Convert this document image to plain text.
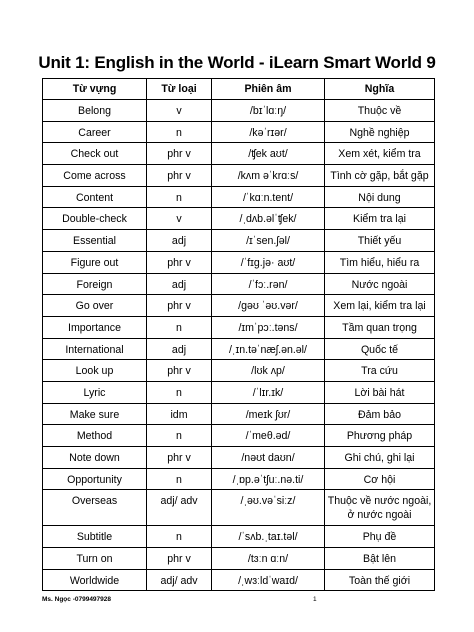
Unit 1: English in the World - iLearn Smart World 9
Từ vựng	Từ loại	Phiên âm	Nghĩa
Belong	v	/bɪˈlɑːŋ/	Thuộc về
Career	n	/kəˈrɪər/	Nghề nghiệp
Check out	phr v	/ʧek aʊt/	Xem xét, kiểm tra
Come across	phr v	/kʌm əˈkrɑːs/	Tình cờ gặp, bắt gặp
Content	n	/ˈkɑːn.tent/	Nội dung
Double-check	v	/ˌdʌb.əlˈʧek/	Kiểm tra lại
Essential	adj	/ɪˈsen.ʃəl/	Thiết yếu
Figure out	phr v	/ˈfɪg.jə· aʊt/	Tìm hiểu, hiểu ra
Foreign	adj	/ˈfɔː.rən/	Nước ngoài
Go over	phr v	/gəʊ ˈəʊ.vər/	Xem lại, kiểm tra lại
Importance	n	/ɪmˈpɔː.təns/	Tầm quan trọng
International	adj	/ˌɪn.təˈnæʃ.ən.əl/	Quốc tế
Look up	phr v	/lʊk ʌp/	Tra cứu
Lyric	n	/ˈlɪr.ɪk/	Lời bài hát
Make sure	idm	/meɪk ʃʊr/	Đảm bảo
Method	n	/ˈmeθ.əd/	Phương pháp
Note down	phr v	/nəʊt daʊn/	Ghi chú, ghi lại
Opportunity	n	/ˌɒp.əˈtʃuː.nə.ti/	Cơ hội
Overseas	adj/ adv	/ˌəʊ.vəˈsiːz/	Thuộc về nước ngoài, ở nước ngoài
Subtitle	n	/ˈsʌb.ˌtaɪ.təl/	Phụ đề
Turn on	phr v	/tɜːn ɑːn/	Bật lên
Worldwide	adj/ adv	/ˌwɜːldˈwaɪd/	Toàn thế giới
Ms. Ngọc -0799497928	1
